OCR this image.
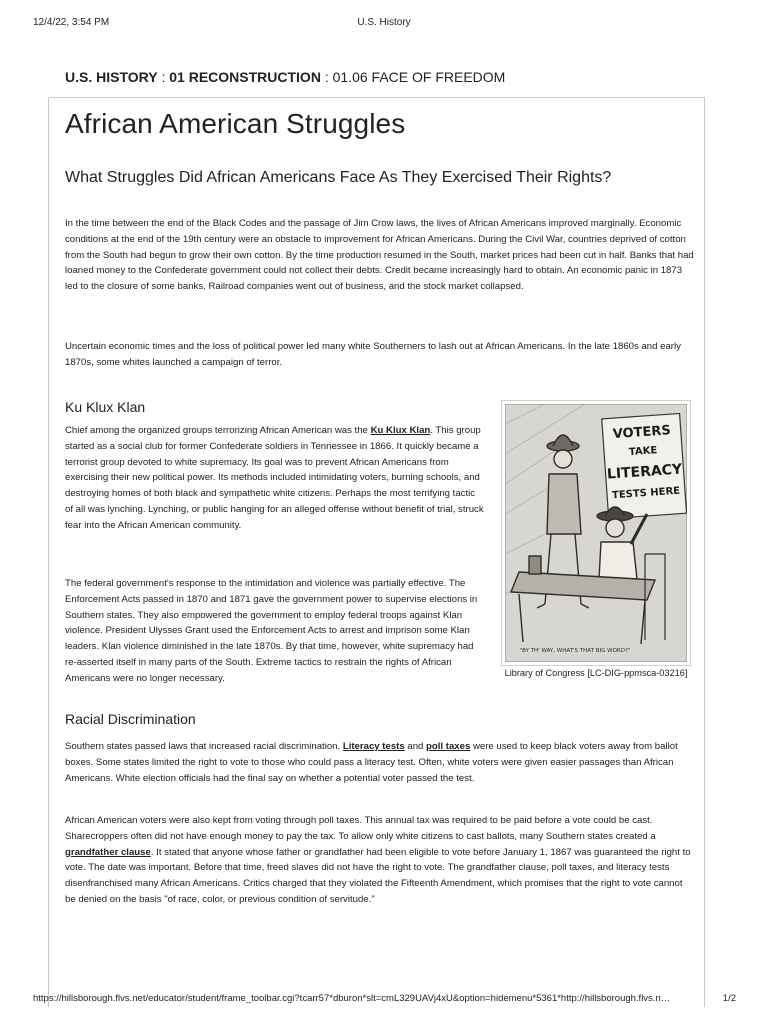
12/4/22, 3:54 PM	U.S. History
U.S. HISTORY : 01 RECONSTRUCTION : 01.06 FACE OF FREEDOM
African American Struggles
What Struggles Did African Americans Face As They Exercised Their Rights?

In the time between the end of the Black Codes and the passage of Jim Crow laws, the lives of African Americans improved marginally. Economic conditions at the end of the 19th century were an obstacle to improvement for African Americans. During the Civil War, countries deprived of cotton from the South had begun to grow their own cotton. By the time production resumed in the South, market prices had been cut in half. Banks that had loaned money to the Confederate government could not collect their debts. Credit became increasingly hard to obtain. An economic panic in 1873 led to the closure of some banks. Railroad companies went out of business, and the stock market collapsed.

Uncertain economic times and the loss of political power led many white Southerners to lash out at African Americans. In the late 1860s and early 1870s, some whites launched a campaign of terror.

Ku Klux Klan

Chief among the organized groups terrorizing African American was the Ku Klux Klan. This group started as a social club for former Confederate soldiers in Tennessee in 1866. It quickly became a terrorist group devoted to white supremacy. Its goal was to prevent African Americans from exercising their new political power. Its methods included intimidating voters, burning schools, and destroying homes of both black and sympathetic white citizens. Perhaps the most terrifying tactic of all was lynching. Lynching, or public hanging for an alleged offense without benefit of trial, struck fear into the African American community.

The federal government's response to the intimidation and violence was partially effective. The Enforcement Acts passed in 1870 and 1871 gave the government power to supervise elections in Southern states. They also empowered the government to employ federal troops against Klan violence. President Ulysses Grant used the Enforcement Acts to arrest and imprison some Klan leaders. Klan violence diminished in the late 1870s. By that time, however, white supremacy had re-asserted itself in many parts of the South. Extreme tactics to restrain the rights of African Americans were no longer necessary.

VOTERS
TAKE
LITERACY
TESTS HERE
"BY TH' WAY, WHAT'S THAT BIG WORD?"
Library of Congress [LC-DIG-ppmsca-03216]
Racial Discrimination

Southern states passed laws that increased racial discrimination. Literacy tests and poll taxes were used to keep black voters away from ballot boxes. Some states limited the right to vote to those who could pass a literacy test. Often, white voters were given easier passages than African Americans. White election officials had the final say on whether a potential voter passed the test.

African American voters were also kept from voting through poll taxes. This annual tax was required to be paid before a vote could be cast. Sharecroppers often did not have enough money to pay the tax. To allow only white citizens to cast ballots, many Southern states created a grandfather clause. It stated that anyone whose father or grandfather had been eligible to vote before January 1, 1867 was guaranteed the right to vote. The date was important. Before that time, freed slaves did not have the right to vote. The grandfather clause, poll taxes, and literacy tests disenfranchised many African Americans. Critics charged that they violated the Fifteenth Amendment, which promises that the right to vote cannot be denied on the basis "of race, color, or previous condition of servitude."

https://hillsborough.flvs.net/educator/student/frame_toolbar.cgi?tcarr57*dburon*slt=cmL329UAVj4xU&option=hidemenu*5361*http://hillsborough.flvs.n…	1/2
